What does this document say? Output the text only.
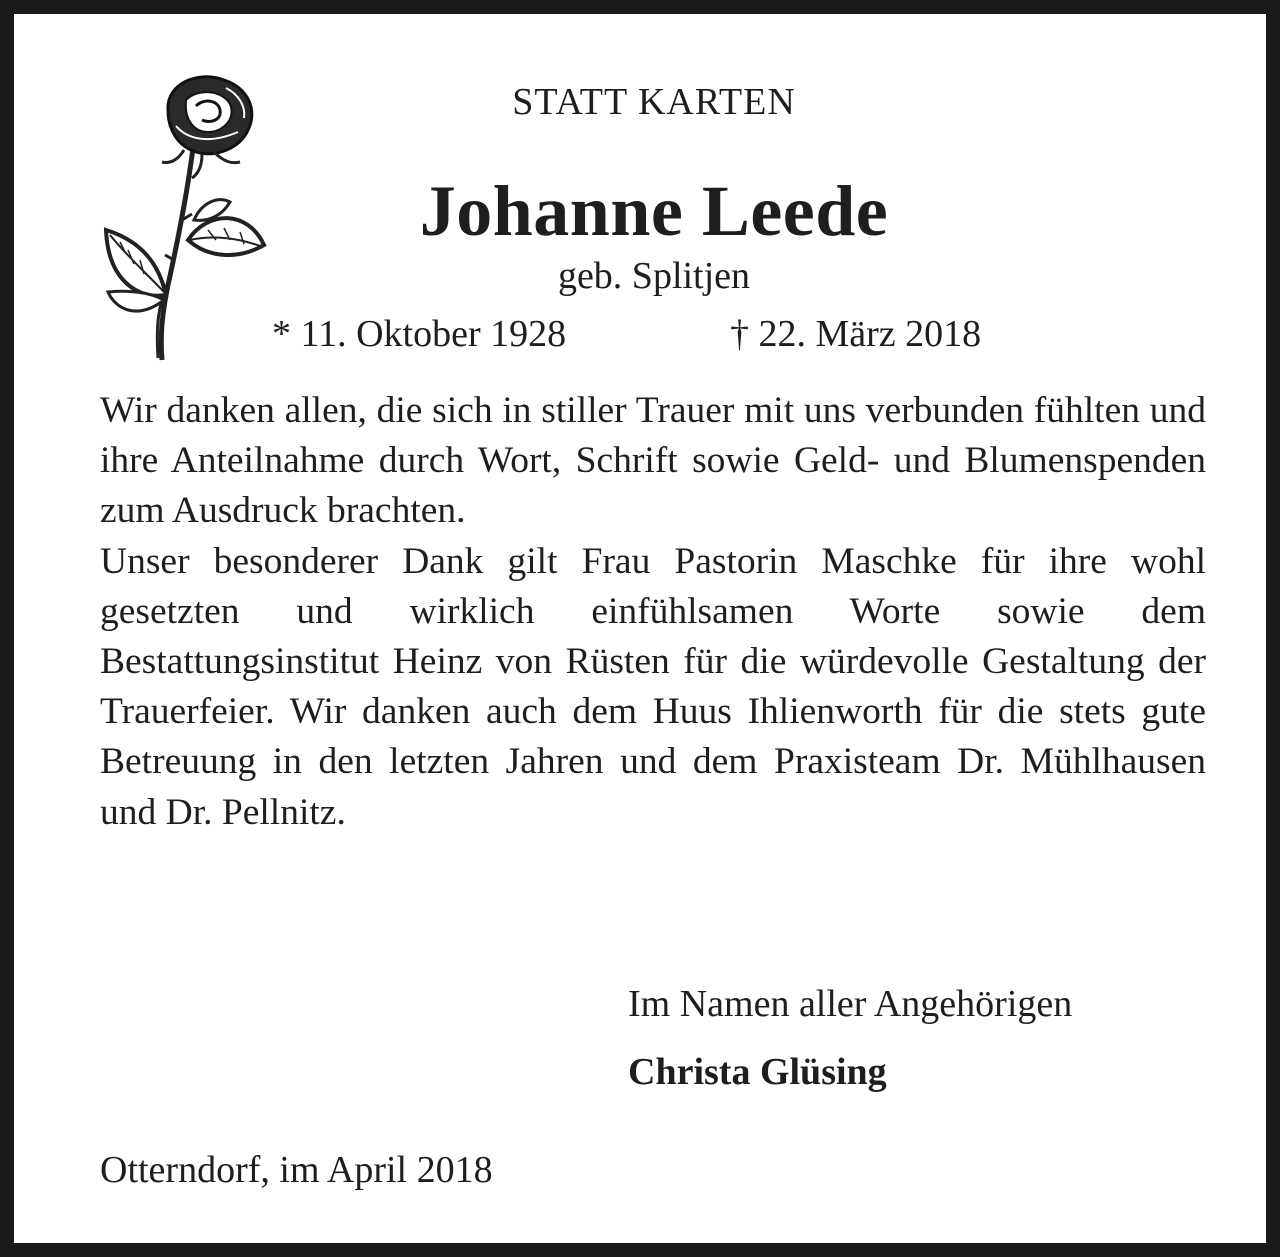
STATT KARTEN
Johanne Leede
geb. Splitjen
* 11. Oktober 1928	† 22. März 2018

Wir danken allen, die sich in stiller Trauer mit uns verbunden fühlten und ihre Anteilnahme durch Wort, Schrift sowie Geld- und Blumenspenden zum Ausdruck brachten.

Unser besonderer Dank gilt Frau Pastorin Maschke für ihre wohl gesetzten und wirklich einfühlsamen Worte sowie dem Bestattungsinstitut Heinz von Rüsten für die würdevolle Gestaltung der Trauerfeier. Wir danken auch dem Huus Ihlienworth für die stets gute Betreuung in den letzten Jahren und dem Praxisteam Dr. Mühlhausen und Dr. Pellnitz.

Im Namen aller Angehörigen
Christa Glüsing
Otterndorf, im April 2018
